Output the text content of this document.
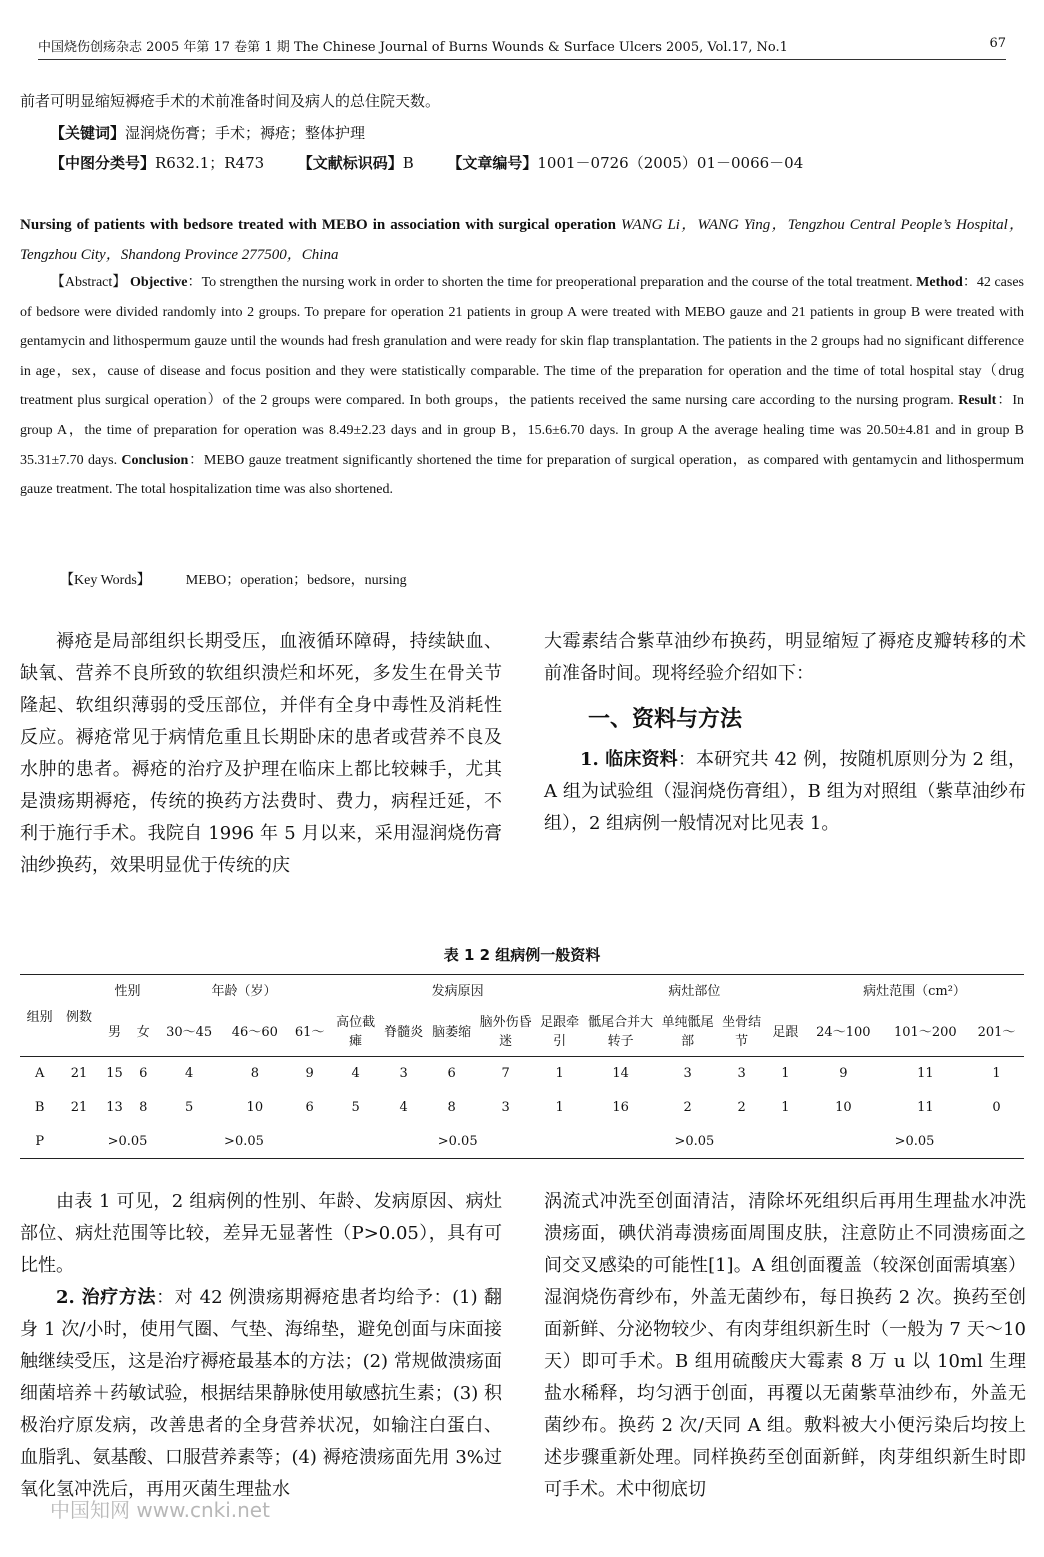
中国烧伤创疡杂志 2005 年第 17 卷第 1 期 The Chinese Journal of Burns Wounds & Surface Ulcers 2005, Vol.17, No.1	67
前者可明显缩短褥疮手术的术前准备时间及病人的总住院天数。
【关键词】湿润烧伤膏；手术；褥疮；整体护理
【中图分类号】R632.1；R473 【文献标识码】B 【文章编号】1001－0726（2005）01－0066－04
Nursing of patients with bedsore treated with MEBO in association with surgical operation WANG Li，WANG Ying，Tengzhou Central People’s Hospital，Tengzhou City，Shandong Province 277500，China
【Abstract】 Objective：To strengthen the nursing work in order to shorten the time for preoperational preparation and the course of the total treatment. Method：42 cases of bedsore were divided randomly into 2 groups. To prepare for operation 21 patients in group A were treated with MEBO gauze and 21 patients in group B were treated with gentamycin and lithospermum gauze until the wounds had fresh granulation and were ready for skin flap transplantation. The patients in the 2 groups had no significant difference in age，sex，cause of disease and focus position and they were statistically comparable. The time of the preparation for operation and the time of total hospital stay（drug treatment plus surgical operation）of the 2 groups were compared. In both groups，the patients received the same nursing care according to the nursing program. Result：In group A，the time of preparation for operation was 8.49±2.23 days and in group B，15.6±6.70 days. In group A the average healing time was 20.50±4.81 and in group B 35.31±7.70 days. Conclusion：MEBO gauze treatment significantly shortened the time for preparation of surgical operation，as compared with gentamycin and lithospermum gauze treatment. The total hospitalization time was also shortened.
【Key Words】	MEBO；operation；bedsore，nursing

褥疮是局部组织长期受压，血液循环障碍，持续缺血、缺氧、营养不良所致的软组织溃烂和坏死，多发生在骨关节隆起、软组织薄弱的受压部位，并伴有全身中毒性及消耗性反应。褥疮常见于病情危重且长期卧床的患者或营养不良及水肿的患者。褥疮的治疗及护理在临床上都比较棘手，尤其是溃疡期褥疮，传统的换药方法费时、费力，病程迁延，不利于施行手术。我院自 1996 年 5 月以来，采用湿润烧伤膏油纱换药，效果明显优于传统的庆

大霉素结合紫草油纱布换药，明显缩短了褥疮皮瓣转移的术前准备时间。现将经验介绍如下：

一、资料与方法

1. 临床资料：本研究共 42 例，按随机原则分为 2 组，A 组为试验组（湿润烧伤膏组），B 组为对照组（紫草油纱布组），2 组病例一般情况对比见表 1。

表 1 2 组病例一般资料
组别	例数	性别		年龄（岁）			发病原因					病灶部位				病灶范围（cm²）		
		男	女	30～45	46～60	61～	高位截瘫	脊髓炎	脑萎缩	脑外伤昏迷	足跟牵引	骶尾合并大转子	单纯骶尾部	坐骨结节	足跟	24～100	101～200	201～
A	21	15	6	4	8	9	4	3	6	7	1	14	3	3	1	9	11	1
B	21	13	8	5	10	6	5	4	8	3	1	16	2	2	1	10	11	0
P		>0.05		>0.05			>0.05					>0.05				>0.05		

由表 1 可见，2 组病例的性别、年龄、发病原因、病灶部位、病灶范围等比较，差异无显著性（P>0.05），具有可比性。

2. 治疗方法：对 42 例溃疡期褥疮患者均给予：(1) 翻身 1 次/小时，使用气圈、气垫、海绵垫，避免创面与床面接触继续受压，这是治疗褥疮最基本的方法；(2) 常规做溃疡面细菌培养＋药敏试验，根据结果静脉使用敏感抗生素；(3) 积极治疗原发病，改善患者的全身营养状况，如输注白蛋白、血脂乳、氨基酸、口服营养素等；(4) 褥疮溃疡面先用 3%过氧化氢冲洗后，再用灭菌生理盐水

涡流式冲洗至创面清洁，清除坏死组织后再用生理盐水冲洗溃疡面，碘伏消毒溃疡面周围皮肤，注意防止不同溃疡面之间交叉感染的可能性[1]。A 组创面覆盖（较深创面需填塞）湿润烧伤膏纱布，外盖无菌纱布，每日换药 2 次。换药至创面新鲜、分泌物较少、有肉芽组织新生时（一般为 7 天～10 天）即可手术。B 组用硫酸庆大霉素 8 万 u 以 10ml 生理盐水稀释，均匀洒于创面，再覆以无菌紫草油纱布，外盖无菌纱布。换药 2 次/天同 A 组。敷料被大小便污染后均按上述步骤重新处理。同样换药至创面新鲜，肉芽组织新生时即可手术。术中彻底切

中国知网 www.cnki.net
